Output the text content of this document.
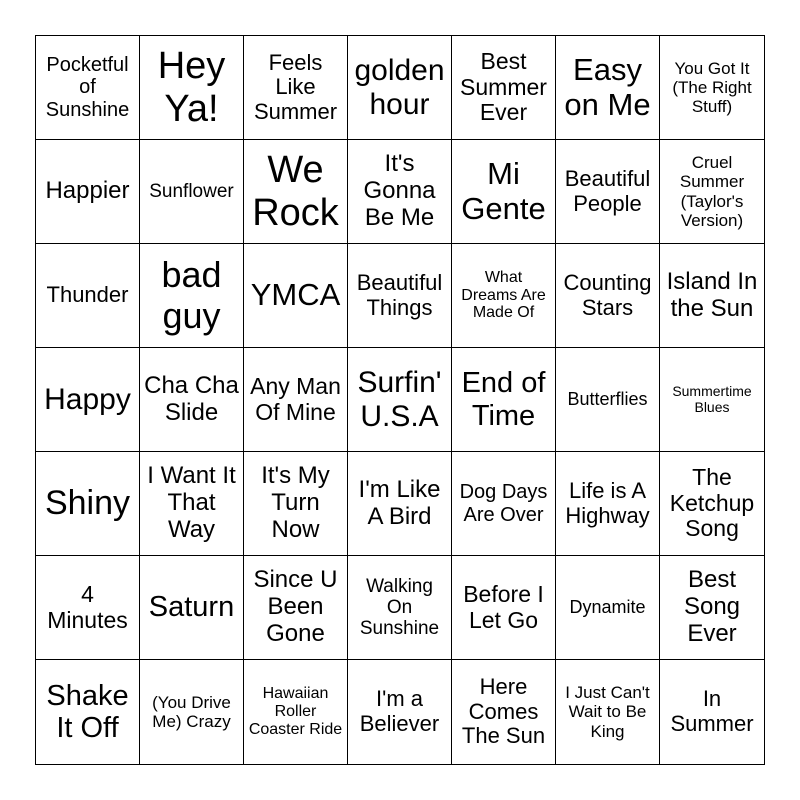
Pocketful of Sunshine
Hey Ya!
Feels Like Summer
golden hour
Best Summer Ever
Easy on Me
You Got It (The Right Stuff)
Happier Sunflower
We Rock
It's Gonna Be Me
Mi Gente
Beautiful People
Cruel Summer (Taylor's Version)
Thunder bad guy YMCA Beautiful Things
What Dreams Are Made Of
Counting Stars
Island In the Sun
Happy Cha Cha Slide
Any Man Of Mine
Surfin' U.S.A
End of Time
Butterflies	Summertime Blues
Shiny
I Want It That Way
It's My Turn Now
I'm Like A Bird
Dog Days Are Over
Life is A Highway
The Ketchup Song
4 Minutes Saturn
Since U Been Gone
Walking On Sunshine
Before I Let Go	Dynamite
Best Song Ever
Shake It Off
(You Drive Me) Crazy
Hawaiian Roller Coaster Ride
I'm a Believer
Here Comes The Sun
I Just Can't Wait to Be King
In Summer
